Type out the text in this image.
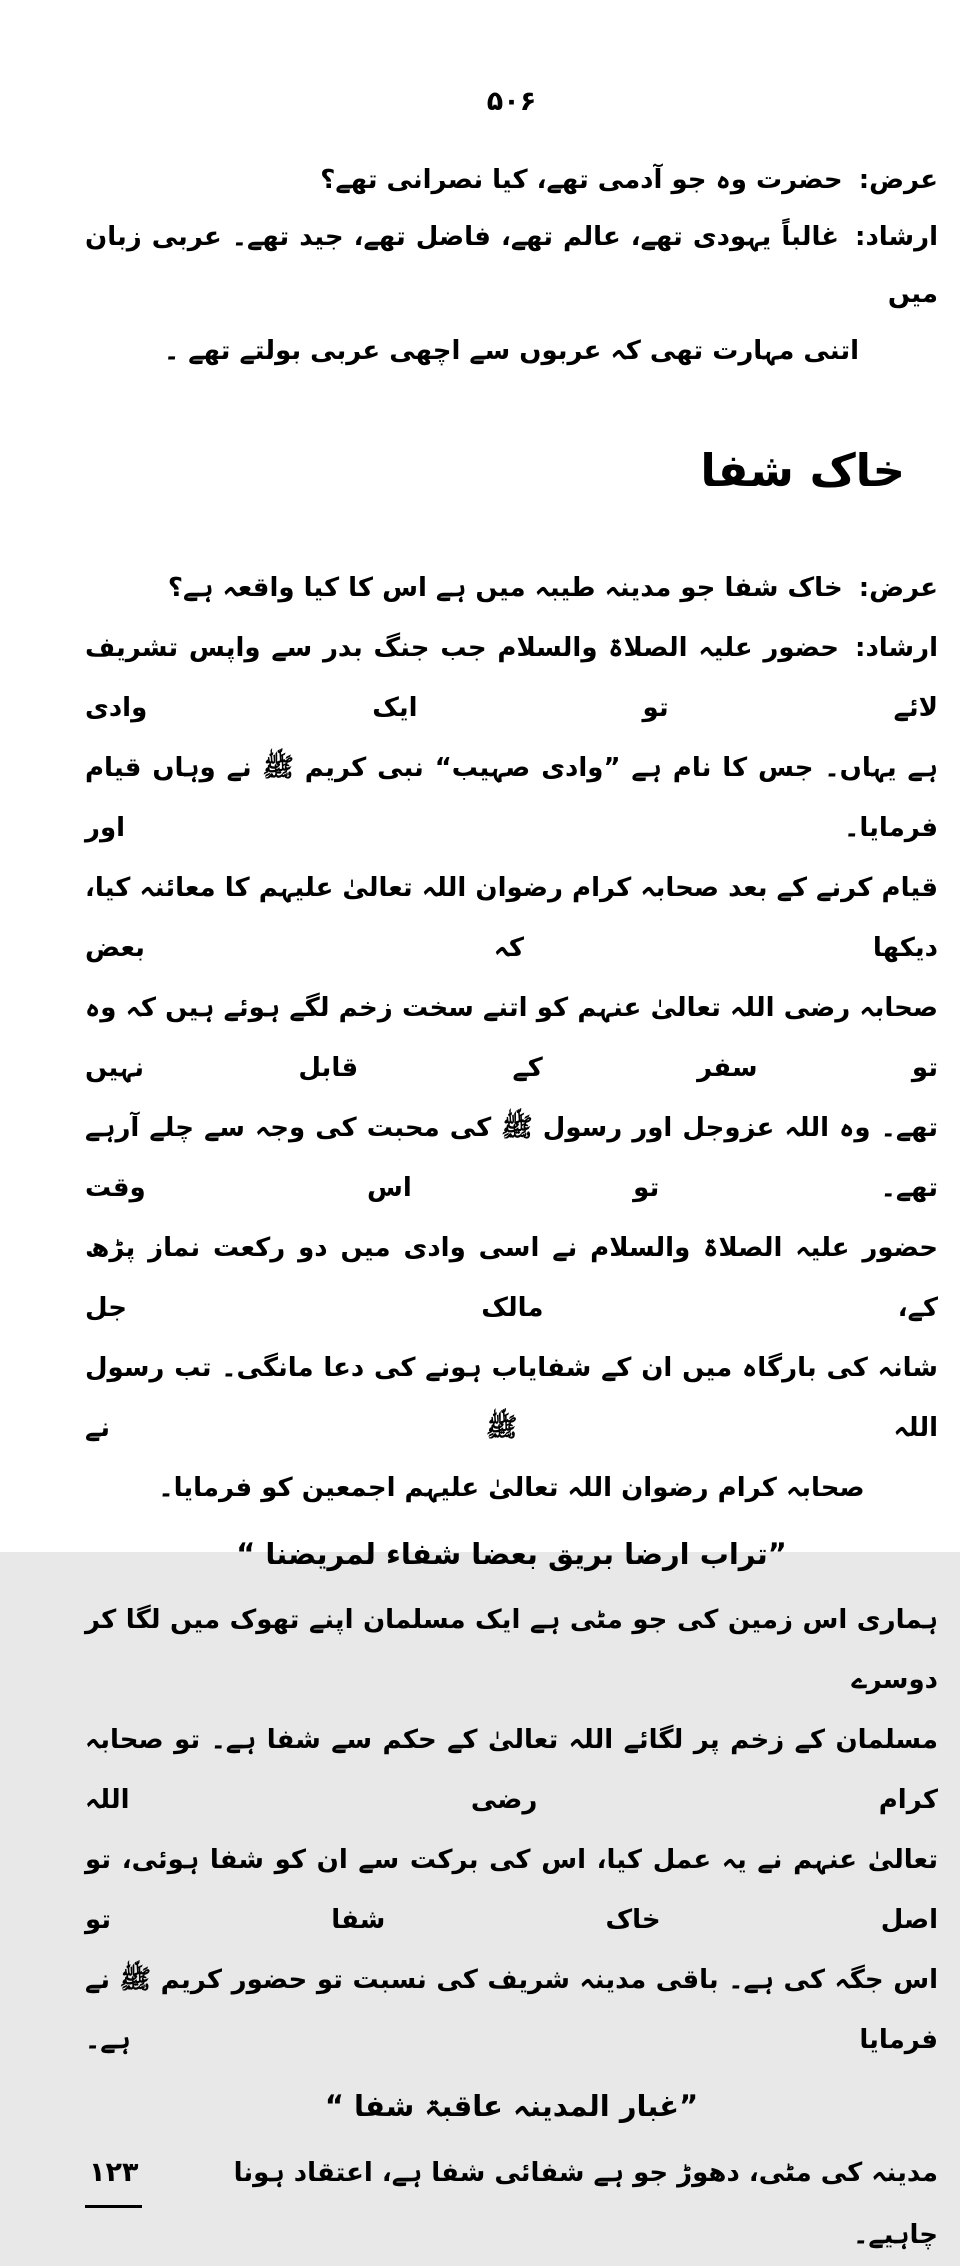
۵۰۶
عرض:حضرت وہ جو آدمی تھے، کیا نصرانی تھے؟
ارشاد:غالباً یہودی تھے، عالم تھے، فاضل تھے، جید تھے۔ عربی زبان میں
اتنی مہارت تھی کہ عربوں سے اچھی عربی بولتے تھے ۔
خاک شفا
عرض:خاک شفا جو مدینہ طیبہ میں ہے اس کا کیا واقعہ ہے؟
ارشاد:حضور علیہ الصلاۃ والسلام جب جنگ بدر سے واپس تشریف لائے تو ایک وادی
ہے یہاں۔ جس کا نام ہے ”وادی صہیب“ نبی کریم ﷺ نے وہاں قیام فرمایا۔ اور
قیام کرنے کے بعد صحابہ کرام رضوان اللہ تعالیٰ علیہم کا معائنہ کیا، دیکھا کہ بعض
صحابہ رضی اللہ تعالیٰ عنہم کو اتنے سخت زخم لگے ہوئے ہیں کہ وہ تو سفر کے قابل نہیں
تھے۔ وہ اللہ عزوجل اور رسول ﷺ کی محبت کی وجہ سے چلے آرہے تھے۔ تو اس وقت
حضور علیہ الصلاۃ والسلام نے اسی وادی میں دو رکعت نماز پڑھ کے، مالک جل
شانہ کی بارگاہ میں ان کے شفایاب ہونے کی دعا مانگی۔ تب رسول اللہ ﷺ نے
صحابہ کرام رضوان اللہ تعالیٰ علیہم اجمعین کو فرمایا۔
”تراب ارضا بریق بعضا شفاء لمریضنا “
ہماری اس زمین کی جو مٹی ہے ایک مسلمان اپنے تھوک میں لگا کر دوسرے
مسلمان کے زخم پر لگائے اللہ تعالیٰ کے حکم سے شفا ہے۔ تو صحابہ کرام رضی اللہ
تعالیٰ عنہم نے یہ عمل کیا، اس کی برکت سے ان کو شفا ہوئی، تو اصل خاک شفا تو
اس جگہ کی ہے۔ باقی مدینہ شریف کی نسبت تو حضور کریم ﷺ نے فرمایا ہے۔
”غبار المدینہ عاقبۃ شفا “
مدینہ کی مٹی، دھوڑ جو ہے شفائی شفا ہے، اعتقاد ہونا چاہیے۔
۱۲۳
